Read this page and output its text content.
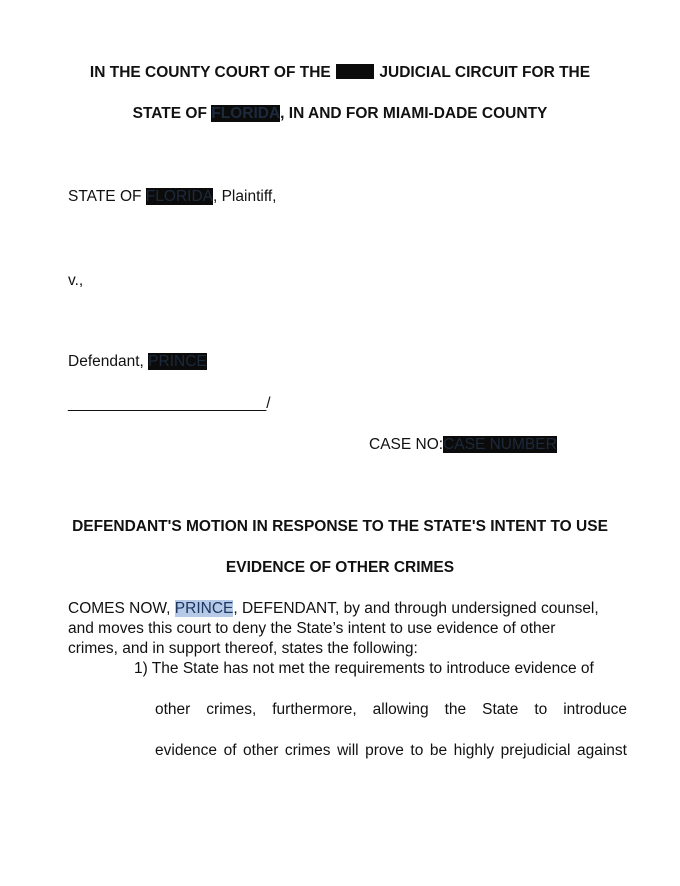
IN THE COUNTY COURT OF THE	JUDICIAL CIRCUIT FOR THE
STATE OF FLORIDA, IN AND FOR MIAMI-DADE COUNTY
STATE OF FLORIDA, Plaintiff,
v.,
Defendant, PRINCE
_______________________/
CASE NO:CASE NUMBER
DEFENDANT'S MOTION IN RESPONSE TO THE STATE'S INTENT TO USE
EVIDENCE OF OTHER CRIMES
COMES NOW, PRINCE, DEFENDANT, by and through undersigned counsel,
and moves this court to deny the State’s intent to use evidence of other
crimes, and in support thereof, states the following:
1) The State has not met the requirements to introduce evidence of
other crimes, furthermore, allowing the State to introduce
evidence of other crimes will prove to be highly prejudicial against
